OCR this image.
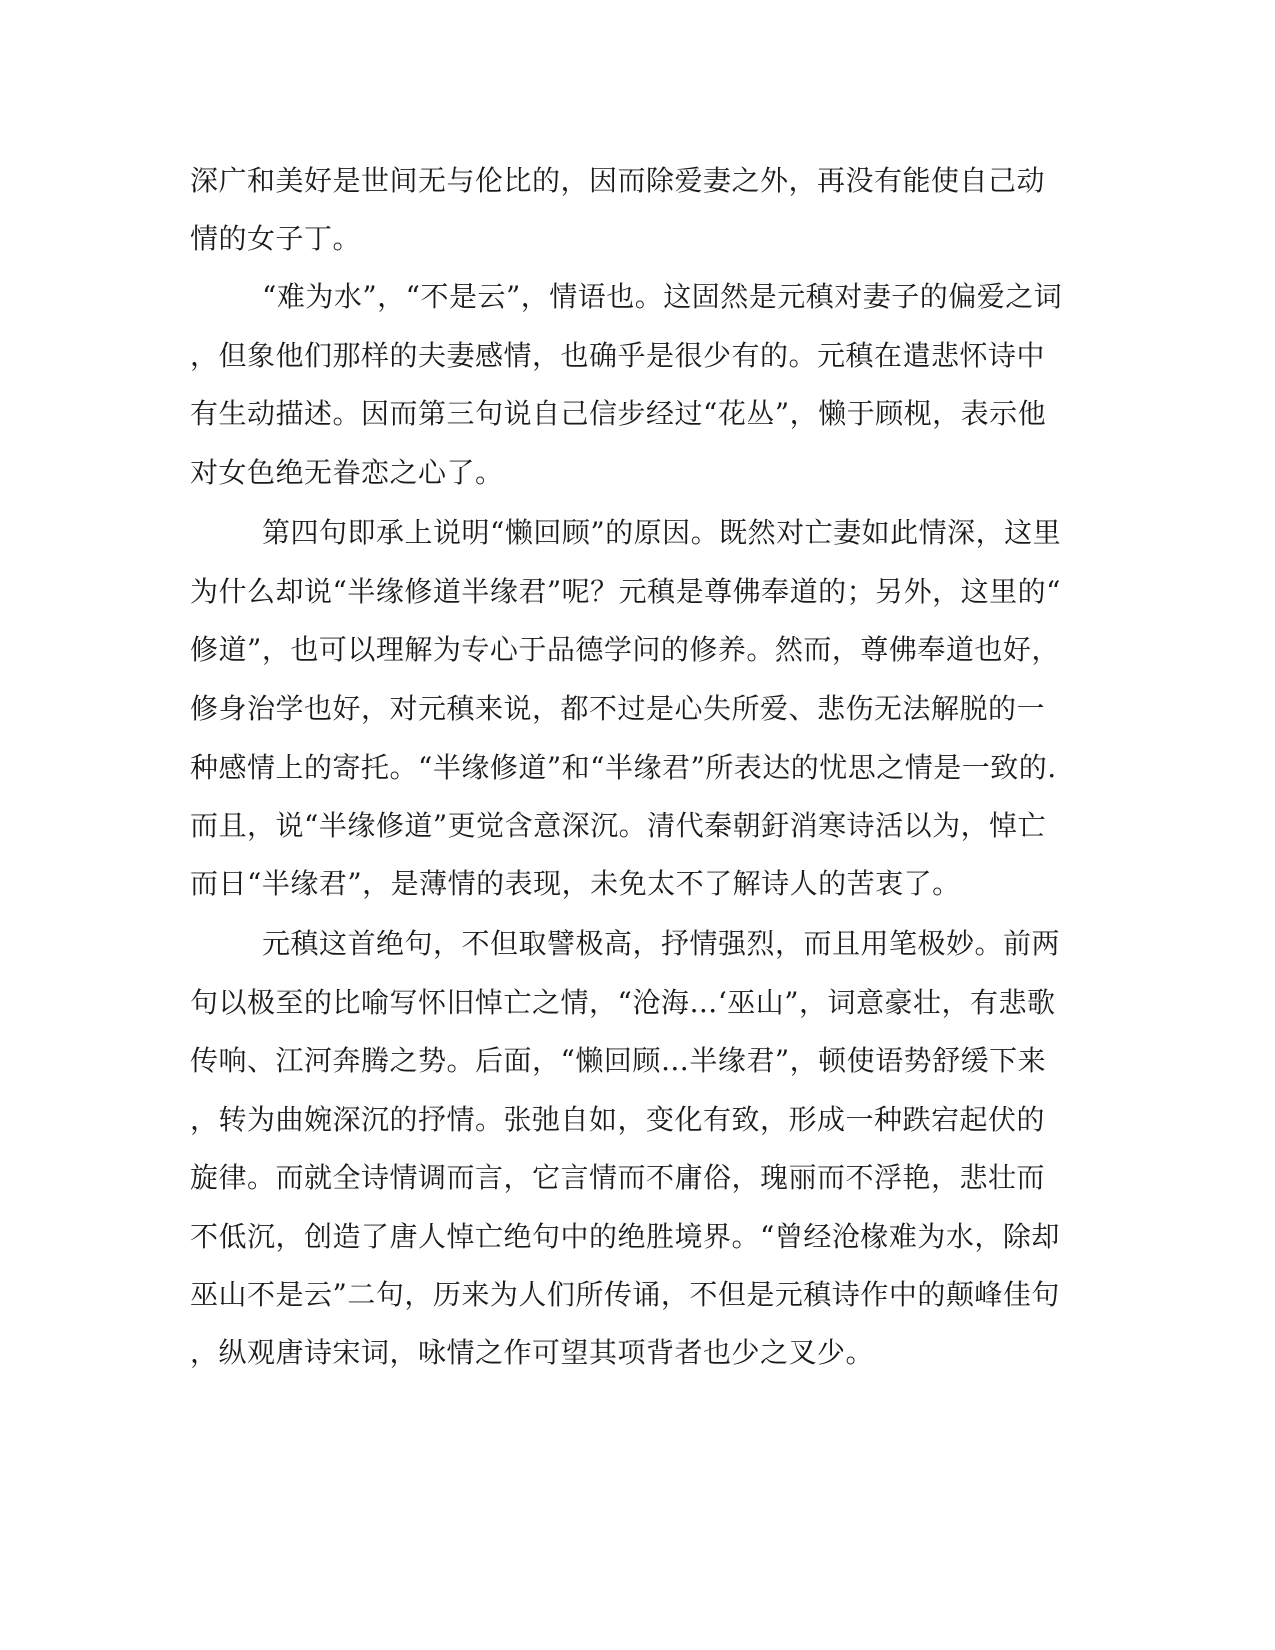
深广和美好是世间无与伦比的，因而除爱妻之外，再没有能使自己动
情的女子丁。
“难为水”，“不是云”，情语也。这固然是元稹对妻子的偏爱之词
，但象他们那样的夫妻感情，也确乎是很少有的。元稹在遣悲怀诗中
有生动描述。因而第三句说自己信步经过“花丛”，懒于顾枧，表示他
对女色绝无眷恋之心了。
第四句即承上说明“懒回顾”的原因。既然对亡妻如此情深，这里
为什么却说“半缘修道半缘君”呢？元稹是尊佛奉道的；另外，这里的“
修道”，也可以理解为专心于品德学问的修养。然而，尊佛奉道也好，
修身治学也好，对元稹来说，都不过是心失所爱、悲伤无法解脱的一
种感情上的寄托。“半缘修道”和“半缘君”所表达的忧思之情是一致的.
而且，说“半缘修道”更觉含意深沉。清代秦朝釪消寒诗活以为，悼亡
而日“半缘君”，是薄情的表现，未免太不了解诗人的苦衷了。
元稹这首绝句，不但取譬极高，抒情强烈，而且用笔极妙。前两
句以极至的比喻写怀旧悼亡之情，“沧海…‘巫山”，词意豪壮，有悲歌
传响、江河奔腾之势。后面，“懒回顾…半缘君”，顿使语势舒缓下来
，转为曲婉深沉的抒情。张弛自如，变化有致，形成一种跌宕起伏的
旋律。而就全诗情调而言，它言情而不庸俗，瑰丽而不浮艳，悲壮而
不低沉，创造了唐人悼亡绝句中的绝胜境界。“曾经沧椽难为水，除却
巫山不是云”二句，历来为人们所传诵，不但是元稹诗作中的颠峰佳句
，纵观唐诗宋词，咏情之作可望其项背者也少之叉少。
